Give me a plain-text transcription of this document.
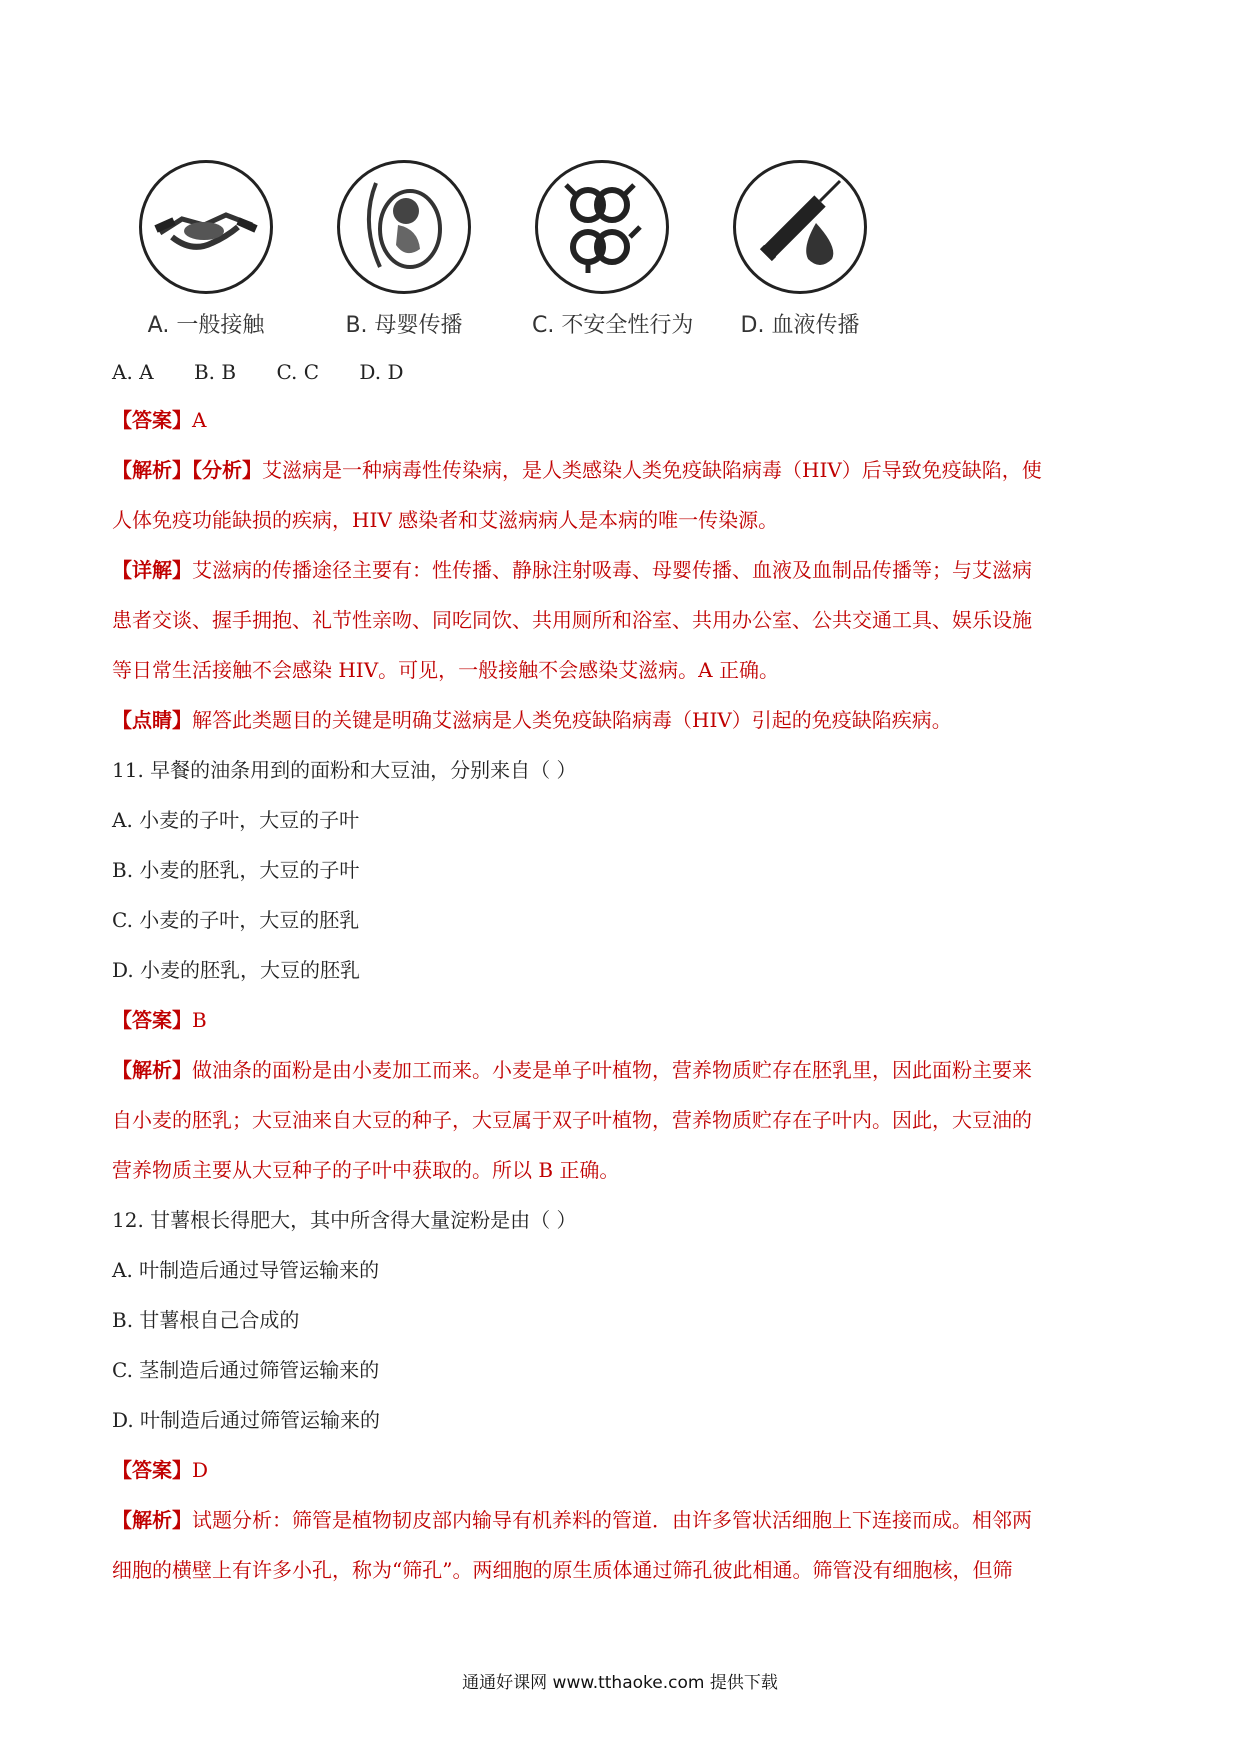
A. 一般接触	B. 母婴传播	C. 不安全性行为	D. 血液传播
A. A B. B C. C D. D
【答案】A
【解析】【分析】艾滋病是一种病毒性传染病，是人类感染人类免疫缺陷病毒（HIV）后导致免疫缺陷，使
人体免疫功能缺损的疾病，HIV 感染者和艾滋病病人是本病的唯一传染源。
【详解】艾滋病的传播途径主要有：性传播、静脉注射吸毒、母婴传播、血液及血制品传播等；与艾滋病
患者交谈、握手拥抱、礼节性亲吻、同吃同饮、共用厕所和浴室、共用办公室、公共交通工具、娱乐设施
等日常生活接触不会感染 HIV。可见，一般接触不会感染艾滋病。A 正确。
【点睛】解答此类题目的关键是明确艾滋病是人类免疫缺陷病毒（HIV）引起的免疫缺陷疾病。
11. 早餐的油条用到的面粉和大豆油，分别来自（ ）
A. 小麦的子叶，大豆的子叶
B. 小麦的胚乳，大豆的子叶
C. 小麦的子叶，大豆的胚乳
D. 小麦的胚乳，大豆的胚乳
【答案】B
【解析】做油条的面粉是由小麦加工而来。小麦是单子叶植物，营养物质贮存在胚乳里，因此面粉主要来
自小麦的胚乳；大豆油来自大豆的种子，大豆属于双子叶植物，营养物质贮存在子叶内。因此，大豆油的
营养物质主要从大豆种子的子叶中获取的。所以 B 正确。
12. 甘薯根长得肥大，其中所含得大量淀粉是由（ ）
A. 叶制造后通过导管运输来的
B. 甘薯根自己合成的
C. 茎制造后通过筛管运输来的
D. 叶制造后通过筛管运输来的
【答案】D
【解析】试题分析：筛管是植物韧皮部内输导有机养料的管道．由许多管状活细胞上下连接而成。相邻两
细胞的横壁上有许多小孔，称为“筛孔”。两细胞的原生质体通过筛孔彼此相通。筛管没有细胞核，但筛
通通好课网 www.tthaoke.com 提供下载
